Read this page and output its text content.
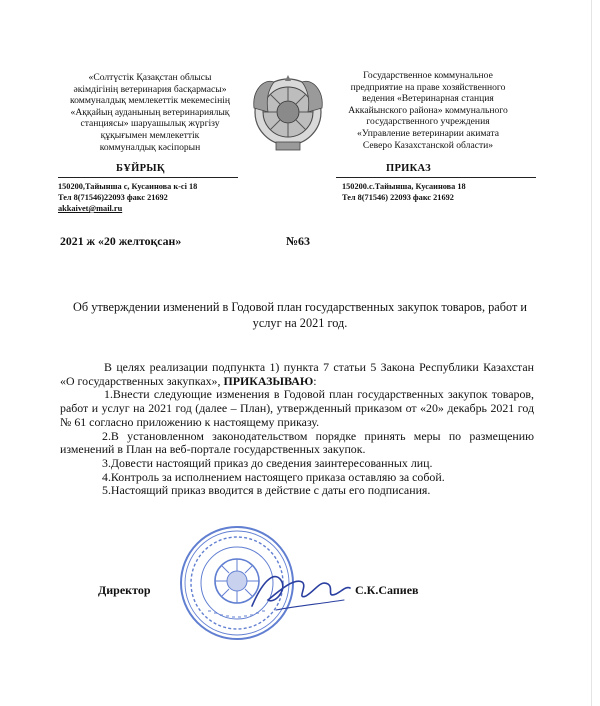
«Солтүстік Қазақстан облысы
әкімдігінің ветеринария басқармасы»
коммуналдық мемлекеттік мекемесінің
«Аққайың ауданының ветеринариялық
станциясы» шаруашылық жүргізу
құқығымен мемлекеттік
коммуналдық кәсіпорын
Государственное коммунальное
предприятие на праве хозяйственного
ведения «Ветеринарная станция
Аккайынского района» коммунального
государственного учреждения
«Управление ветеринарии акимата
Северо Казахстанской области»
БҰЙРЫҚ	ПРИКАЗ
150200,Тайынша с, Кусаинова к-сі 18
Тел 8(71546)22093 факс 21692
akkaivet@mail.ru
150200.с.Тайынша, Кусаинова 18
Тел 8(71546) 22093 факс 21692
2021 ж «20 желтоқсан»	№63
Об утверждении изменений в Годовой план государственных закупок товаров, работ и услуг на 2021 год.

В целях реализации подпункта 1) пункта 7 статьи 5 Закона Республики Казахстан «О государственных закупках», ПРИКАЗЫВАЮ:

1.Внести следующие изменения в Годовой план государственных закупок товаров, работ и услуг на 2021 год (далее – План), утвержденный приказом от «20» декабрь 2021 год № 61 согласно приложению к настоящему приказу.

2.В установленном законодательством порядке принять меры по размещению изменений в План на веб-портале государственных закупок.

3.Довести настоящий приказ до сведения заинтересованных лиц.

4.Контроль за исполнением настоящего приказа оставляю за собой.

5.Настоящий приказ вводится в действие с даты его подписания.

Директор	С.К.Сапиев
